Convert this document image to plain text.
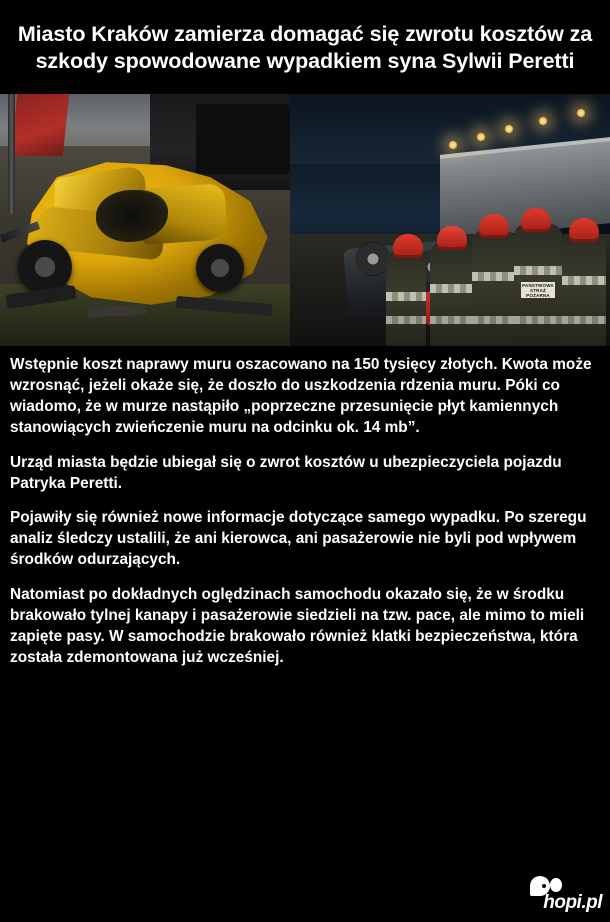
Miasto Kraków zamierza domagać się zwrotu kosztów za szkody spowodowane wypadkiem syna Sylwii Peretti
PAŃSTWOWA
STRAŻ POŻARNA

Wstępnie koszt naprawy muru oszacowano na 150 tysięcy złotych. Kwota może wzrosnąć, jeżeli okaże się, że doszło do uszkodzenia rdzenia muru. Póki co wiadomo, że w murze nastąpiło „poprzeczne przesunięcie płyt kamiennych stanowiących zwieńczenie muru na odcinku ok. 14 mb”.

Urząd miasta będzie ubiegał się o zwrot kosztów u ubezpieczyciela pojazdu Patryka Peretti.

Pojawiły się również nowe informacje dotyczące samego wypadku. Po szeregu analiz śledczy ustalili, że ani kierowca, ani pasażerowie nie byli pod wpływem środków odurzających.

Natomiast po dokładnych oględzinach samochodu okazało się, że w środku brakowało tylnej kanapy i pasażerowie siedzieli na tzw. pace, ale mimo to mieli zapięte pasy. W samochodzie brakowało również klatki bezpieczeństwa, która została zdemontowana już wcześniej.

hopi.pl
